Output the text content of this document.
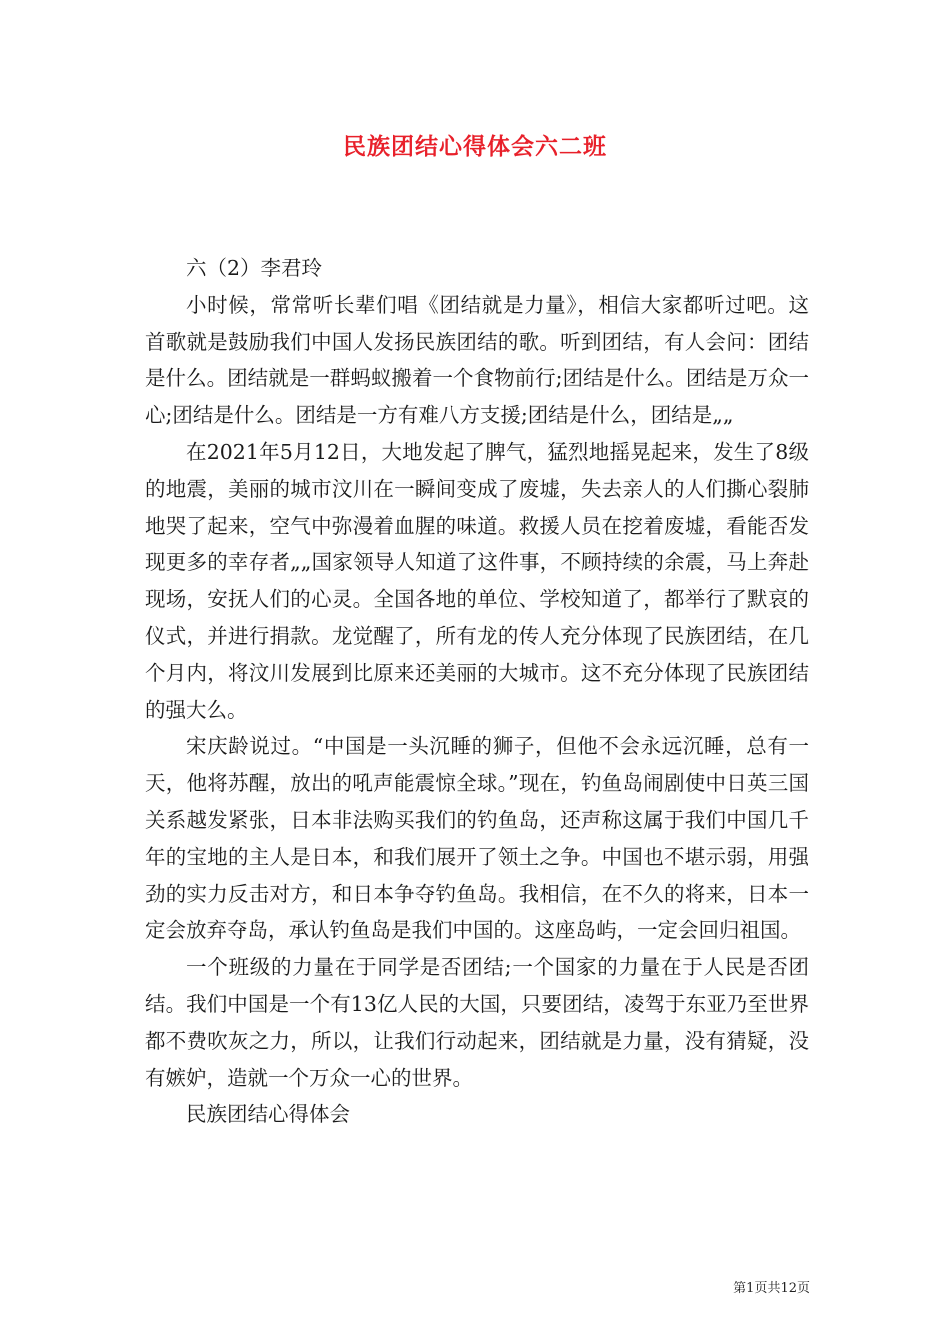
民族团结心得体会六二班

六（2）李君玲

小时候，常常听长辈们唱《团结就是力量》，相信大家都听过吧。这首歌就是鼓励我们中国人发扬民族团结的歌。听到团结，有人会问：团结是什么。团结就是一群蚂蚁搬着一个食物前行;团结是什么。团结是万众一心;团结是什么。团结是一方有难八方支援;团结是什么，团结是„„

在2021年5月12日，大地发起了脾气，猛烈地摇晃起来，发生了8级的地震，美丽的城市汶川在一瞬间变成了废墟，失去亲人的人们撕心裂肺地哭了起来，空气中弥漫着血腥的味道。救援人员在挖着废墟，看能否发现更多的幸存者„„国家领导人知道了这件事，不顾持续的余震，马上奔赴现场，安抚人们的心灵。全国各地的单位、学校知道了，都举行了默哀的仪式，并进行捐款。龙觉醒了，所有龙的传人充分体现了民族团结，在几个月内，将汶川发展到比原来还美丽的大城市。这不充分体现了民族团结的强大么。

宋庆龄说过。“中国是一头沉睡的狮子，但他不会永远沉睡，总有一天，他将苏醒，放出的吼声能震惊全球。”现在，钓鱼岛闹剧使中日英三国关系越发紧张，日本非法购买我们的钓鱼岛，还声称这属于我们中国几千年的宝地的主人是日本，和我们展开了领土之争。中国也不堪示弱，用强劲的实力反击对方，和日本争夺钓鱼岛。我相信，在不久的将来，日本一定会放弃夺岛，承认钓鱼岛是我们中国的。这座岛屿，一定会回归祖国。

一个班级的力量在于同学是否团结;一个国家的力量在于人民是否团结。我们中国是一个有13亿人民的大国，只要团结，凌驾于东亚乃至世界都不费吹灰之力，所以，让我们行动起来，团结就是力量，没有猜疑，没有嫉妒，造就一个万众一心的世界。

民族团结心得体会

第1页共12页
